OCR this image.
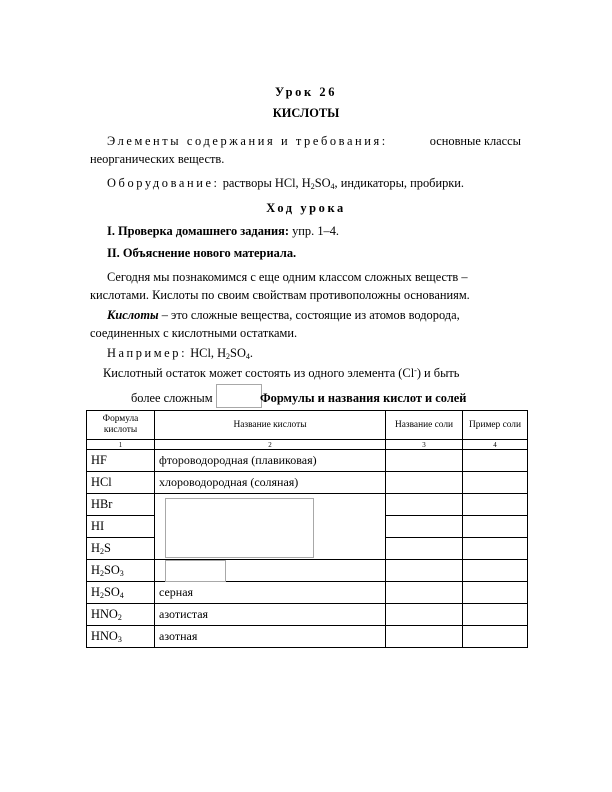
Урок 26
КИСЛОТЫ
Элементы содержания и требования:	основные классы
неорганических веществ.
Оборудование: растворы HCl, $H_2SO_4$, индикаторы, пробирки.
Ход урока
I. Проверка домашнего задания: упр. 1–4.
II. Объяснение нового материала.
Сегодня мы познакомимся с еще одним классом сложных веществ –
кислотами. Кислоты по своим свойствам противоположны основаниям.
Кислоты – это сложные вещества, состоящие из атомов водорода,
соединенных с кислотными остатками.
Например: HCl, $H_2SO_4$.
Кислотный остаток может состоять из одного элемента (Cl-) и быть
более сложным	Формулы и названия кислот и солей
Формула кислоты	Название кислоты	Название соли	Пример соли
1	2	3	4
HF	фтороводородная (плавиковая)		
HCl	хлороводородная (соляная)		
HBr	

HI			
$H_2S$			
$H_2SO_3$	

$H_2SO_4$	серная		
$HNO_2$	азотистая		
$HNO_3$	азотная		
